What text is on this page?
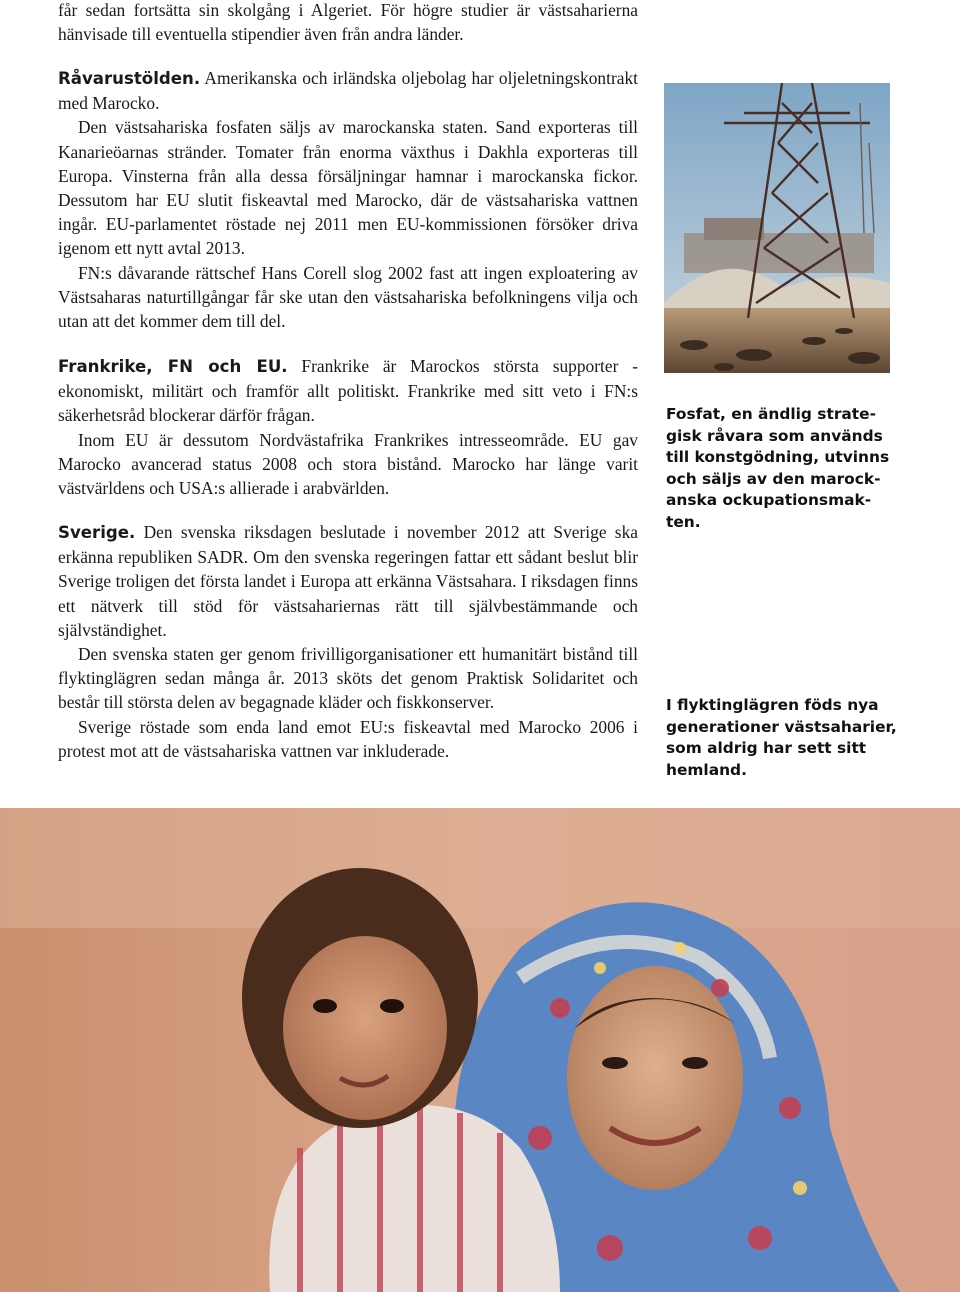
får sedan fortsätta sin skolgång i Algeriet. För högre studier är västsaharierna hänvisade till eventuella stipendier även från andra länder.

Råvarustölden. Amerikanska och irländska oljebolag har oljeletningskontrakt med Marocko.

Den västsahariska fosfaten säljs av marockanska staten. Sand exporteras till Kanarieöarnas stränder. Tomater från enorma växthus i Dakhla exporteras till Europa. Vinsterna från alla dessa försäljningar hamnar i marockanska fickor. Dessutom har EU slutit fiskeavtal med Marocko, där de västsahariska vattnen ingår. EU-parlamentet röstade nej 2011 men EU-kommissionen försöker driva igenom ett nytt avtal 2013.

FN:s dåvarande rättschef Hans Corell slog 2002 fast att ingen exploatering av Västsaharas naturtillgångar får ske utan den västsahariska befolkningens vilja och utan att det kommer dem till del.

Frankrike, FN och EU. Frankrike är Marockos största supporter - ekonomiskt, militärt och framför allt politiskt. Frankrike med sitt veto i FN:s säkerhetsråd blockerar därför frågan.

Inom EU är dessutom Nordvästafrika Frankrikes intresseområde. EU gav Marocko avancerad status 2008 och stora bistånd. Marocko har länge varit västvärldens och USA:s allierade i arabvärlden.

Sverige. Den svenska riksdagen beslutade i november 2012 att Sverige ska erkänna republiken SADR. Om den svenska regeringen fattar ett sådant beslut blir Sverige troligen det första landet i Europa att erkänna Västsahara. I riksdagen finns ett nätverk till stöd för västsahariernas rätt till självbestämmande och självständighet.

Den svenska staten ger genom frivilligorganisationer ett humanitärt bistånd till flyktinglägren sedan många år. 2013 sköts det genom Praktisk Solidaritet och består till största delen av begagnade kläder och fiskkonserver.

Sverige röstade som enda land emot EU:s fiskeavtal med Marocko 2006 i protest mot att de västsahariska vattnen var inkluderade.

Fosfat, en ändlig strate-
gisk råvara som används
till konstgödning, utvinns
och säljs av den marock-
anska ockupationsmak-
ten.
I flyktinglägren föds nya
generationer västsaharier,
som aldrig har sett sitt
hemland.
